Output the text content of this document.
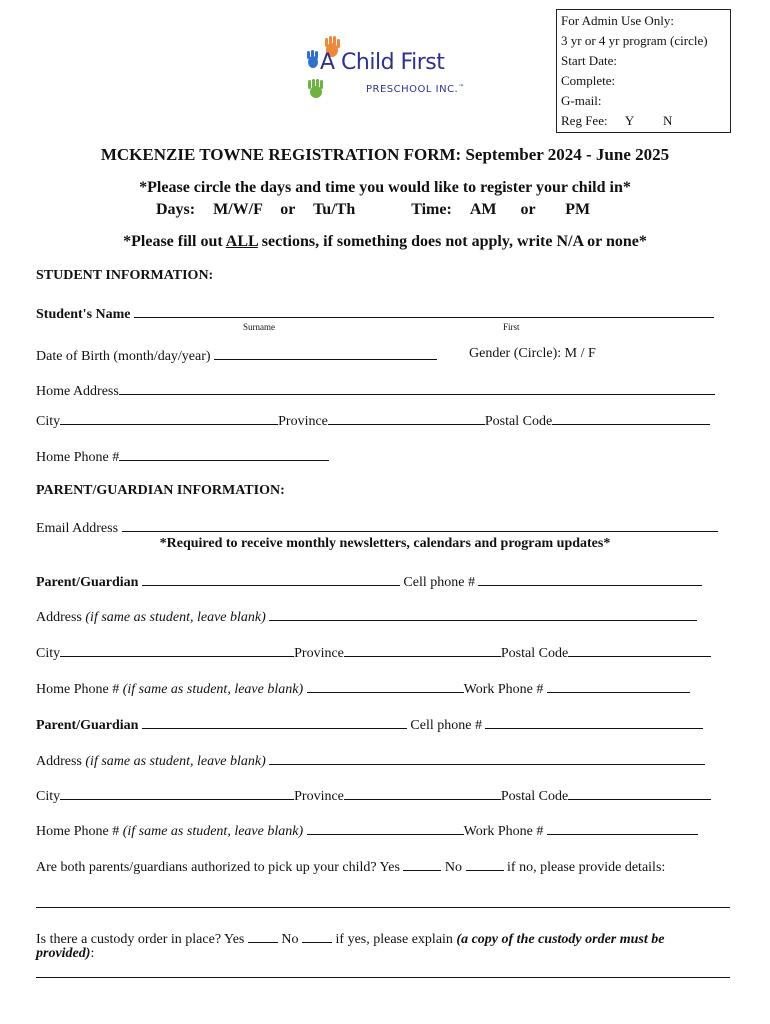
For Admin Use Only:
3 yr or 4 yr program (circle)
Start Date:
Complete:
G-mail:
Reg Fee: Y N
A Child First
PRESCHOOL INC.™
MCKENZIE TOWNE REGISTRATION FORM: September 2024 - June 2025
*Please circle the days and time you would like to register your child in*
Days: M/W/F or Tu/Th	Time: AM or PM
*Please fill out ALL sections, if something does not apply, write N/A or none*
STUDENT INFORMATION:
Student's Name
Surname	First
Date of Birth (month/day/year)	Gender (Circle): M / F
Home Address
City	Province	Postal Code
Home Phone #
PARENT/GUARDIAN INFORMATION:
Email Address
*Required to receive monthly newsletters, calendars and program updates*
Parent/Guardian	Cell phone #
Address (if same as student, leave blank)
City	Province	Postal Code
Home Phone # (if same as student, leave blank)	Work Phone #
Parent/Guardian	Cell phone #
Address (if same as student, leave blank)
City	Province	Postal Code
Home Phone # (if same as student, leave blank)	Work Phone #
Are both parents/guardians authorized to pick up your child? Yes	No	if no, please provide details:
Is there a custody order in place? Yes	No	if yes, please explain (a copy of the custody order must be
provided):
